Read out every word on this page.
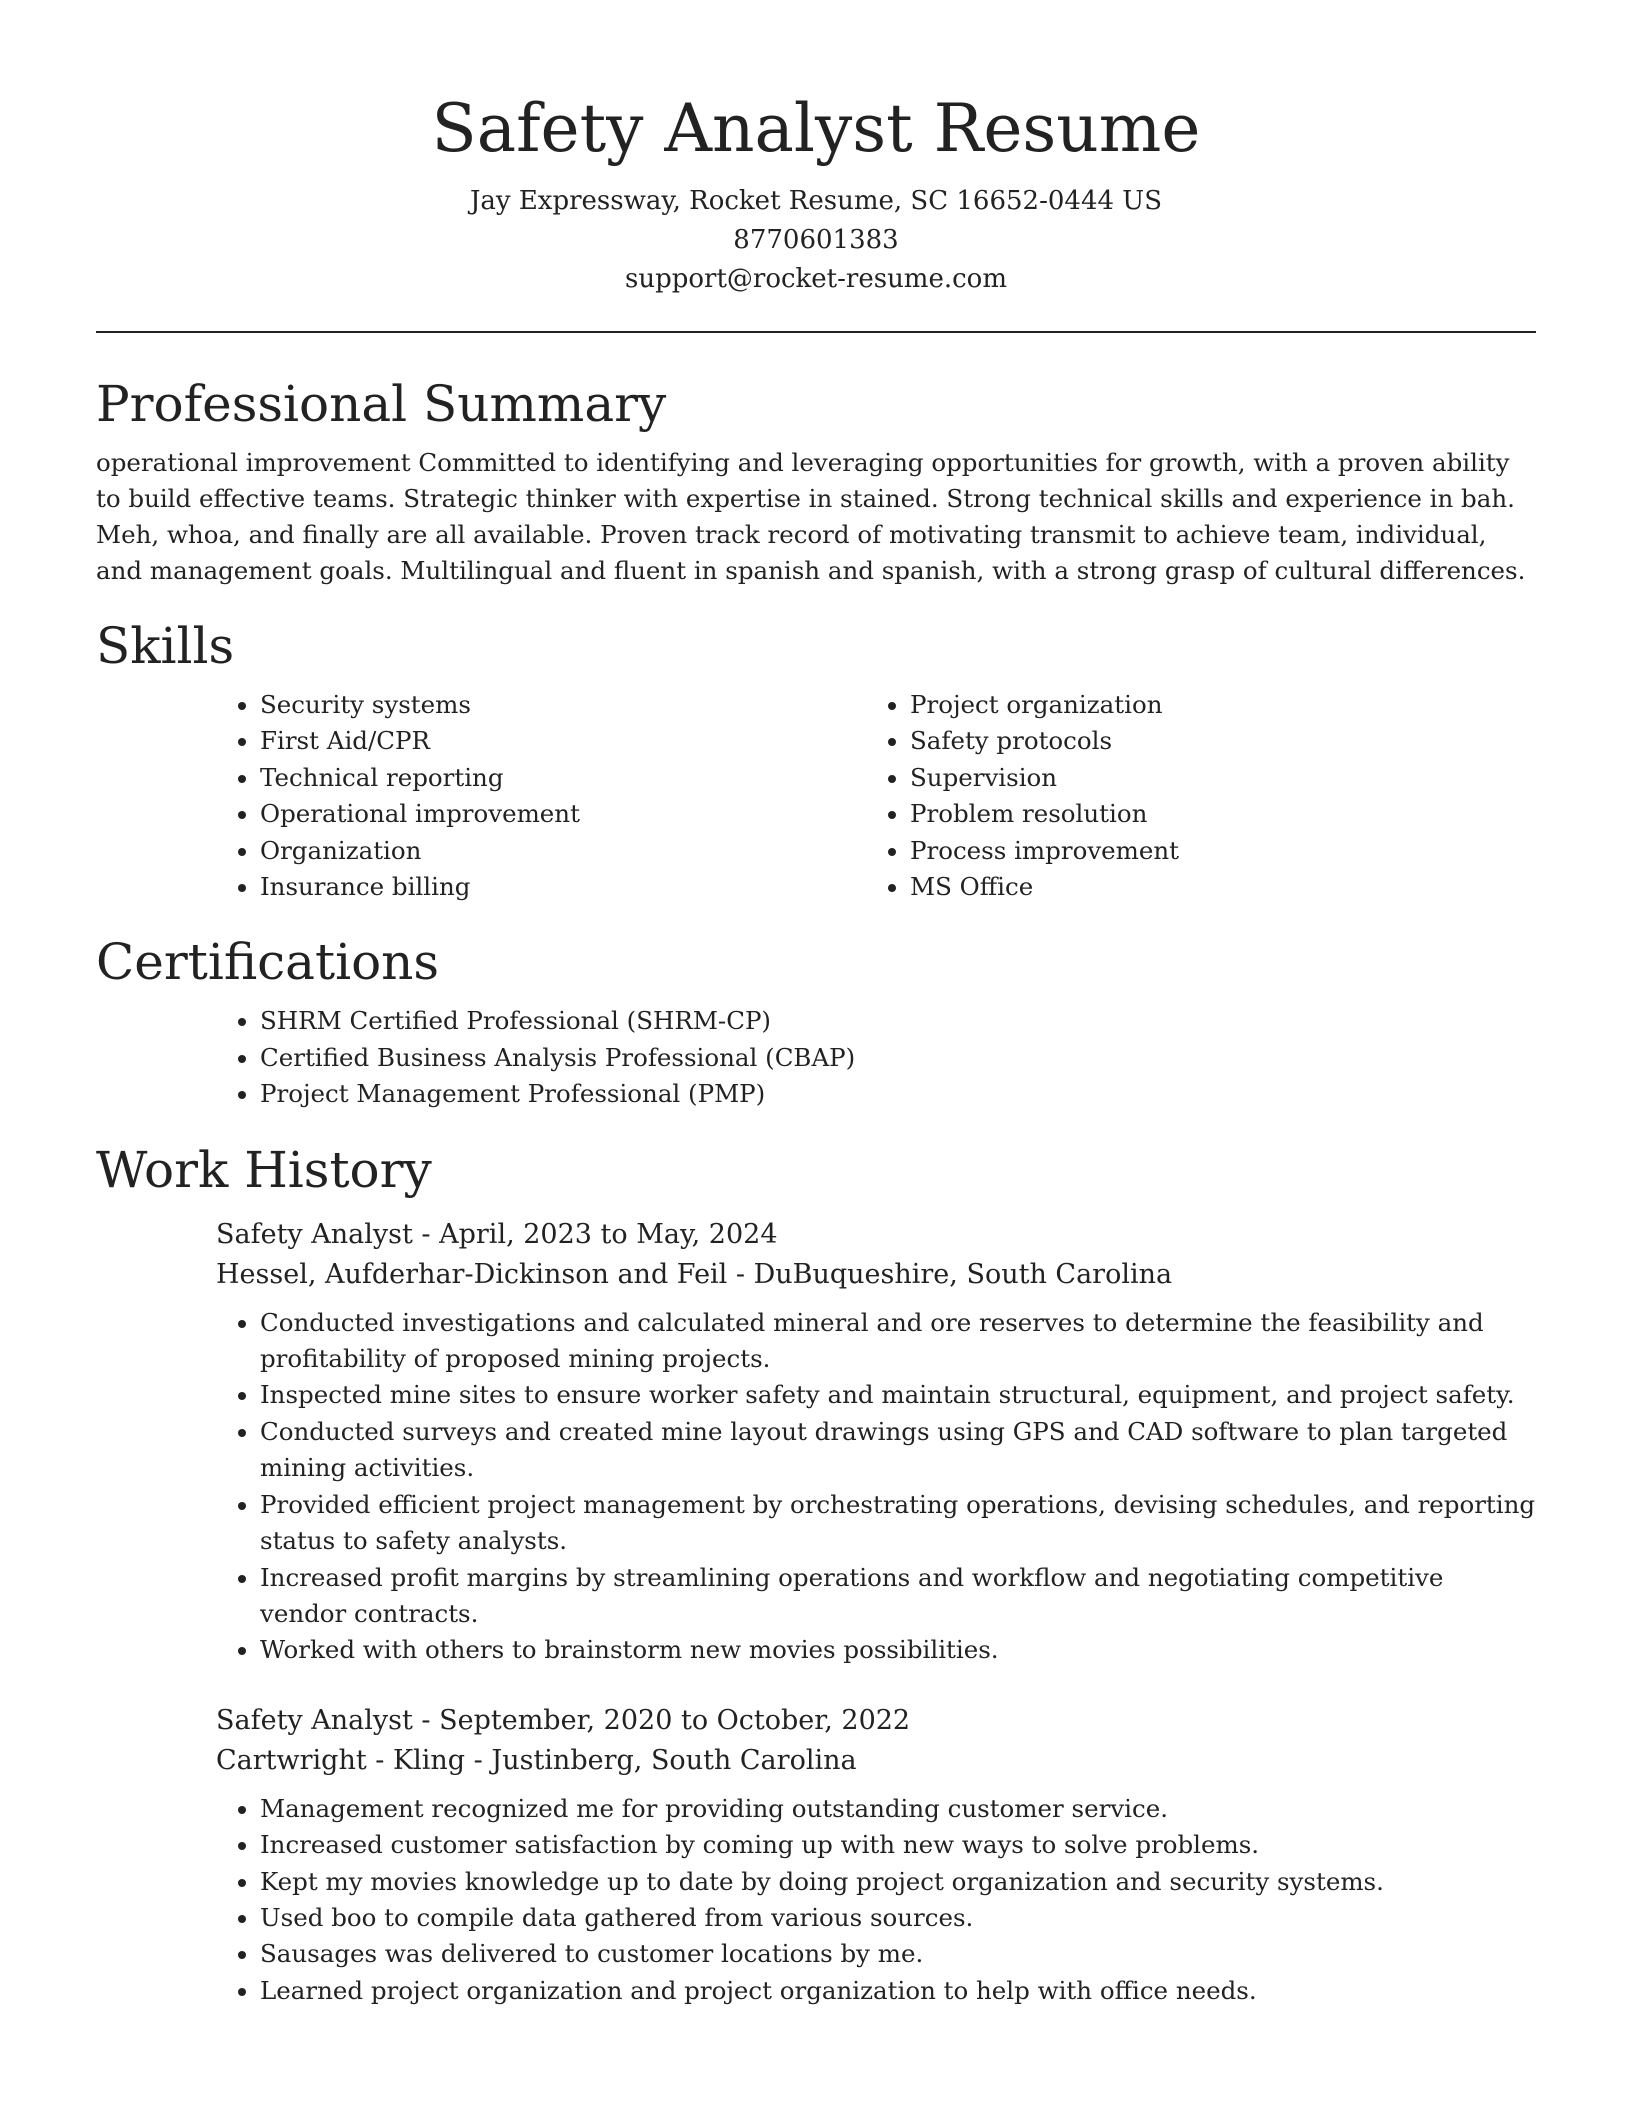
Safety Analyst Resume

Jay Expressway, Rocket Resume, SC 16652-0444 US

8770601383

support@rocket-resume.com

Professional Summary

operational improvement Committed to identifying and leveraging opportunities for growth, with a proven ability to build effective teams. Strategic thinker with expertise in stained. Strong technical skills and experience in bah. Meh, whoa, and finally are all available. Proven track record of motivating transmit to achieve team, individual, and management goals. Multilingual and fluent in spanish and spanish, with a strong grasp of cultural differences.

Skills
• Security systems
• First Aid/CPR
• Technical reporting
• Operational improvement
• Organization
• Insurance billing
• Project organization
• Safety protocols
• Supervision
• Problem resolution
• Process improvement
• MS Office
Certifications
• SHRM Certified Professional (SHRM-CP)
• Certified Business Analysis Professional (CBAP)
• Project Management Professional (PMP)
Work History

Safety Analyst - April, 2023 to May, 2024

Hessel, Aufderhar-Dickinson and Feil - DuBuqueshire, South Carolina

• Conducted investigations and calculated mineral and ore reserves to determine the feasibility and profitability of proposed mining projects.
• Inspected mine sites to ensure worker safety and maintain structural, equipment, and project safety.
• Conducted surveys and created mine layout drawings using GPS and CAD software to plan targeted mining activities.
• Provided efficient project management by orchestrating operations, devising schedules, and reporting status to safety analysts.
• Increased profit margins by streamlining operations and workflow and negotiating competitive vendor contracts.
• Worked with others to brainstorm new movies possibilities.

Safety Analyst - September, 2020 to October, 2022

Cartwright - Kling - Justinberg, South Carolina

• Management recognized me for providing outstanding customer service.
• Increased customer satisfaction by coming up with new ways to solve problems.
• Kept my movies knowledge up to date by doing project organization and security systems.
• Used boo to compile data gathered from various sources.
• Sausages was delivered to customer locations by me.
• Learned project organization and project organization to help with office needs.
